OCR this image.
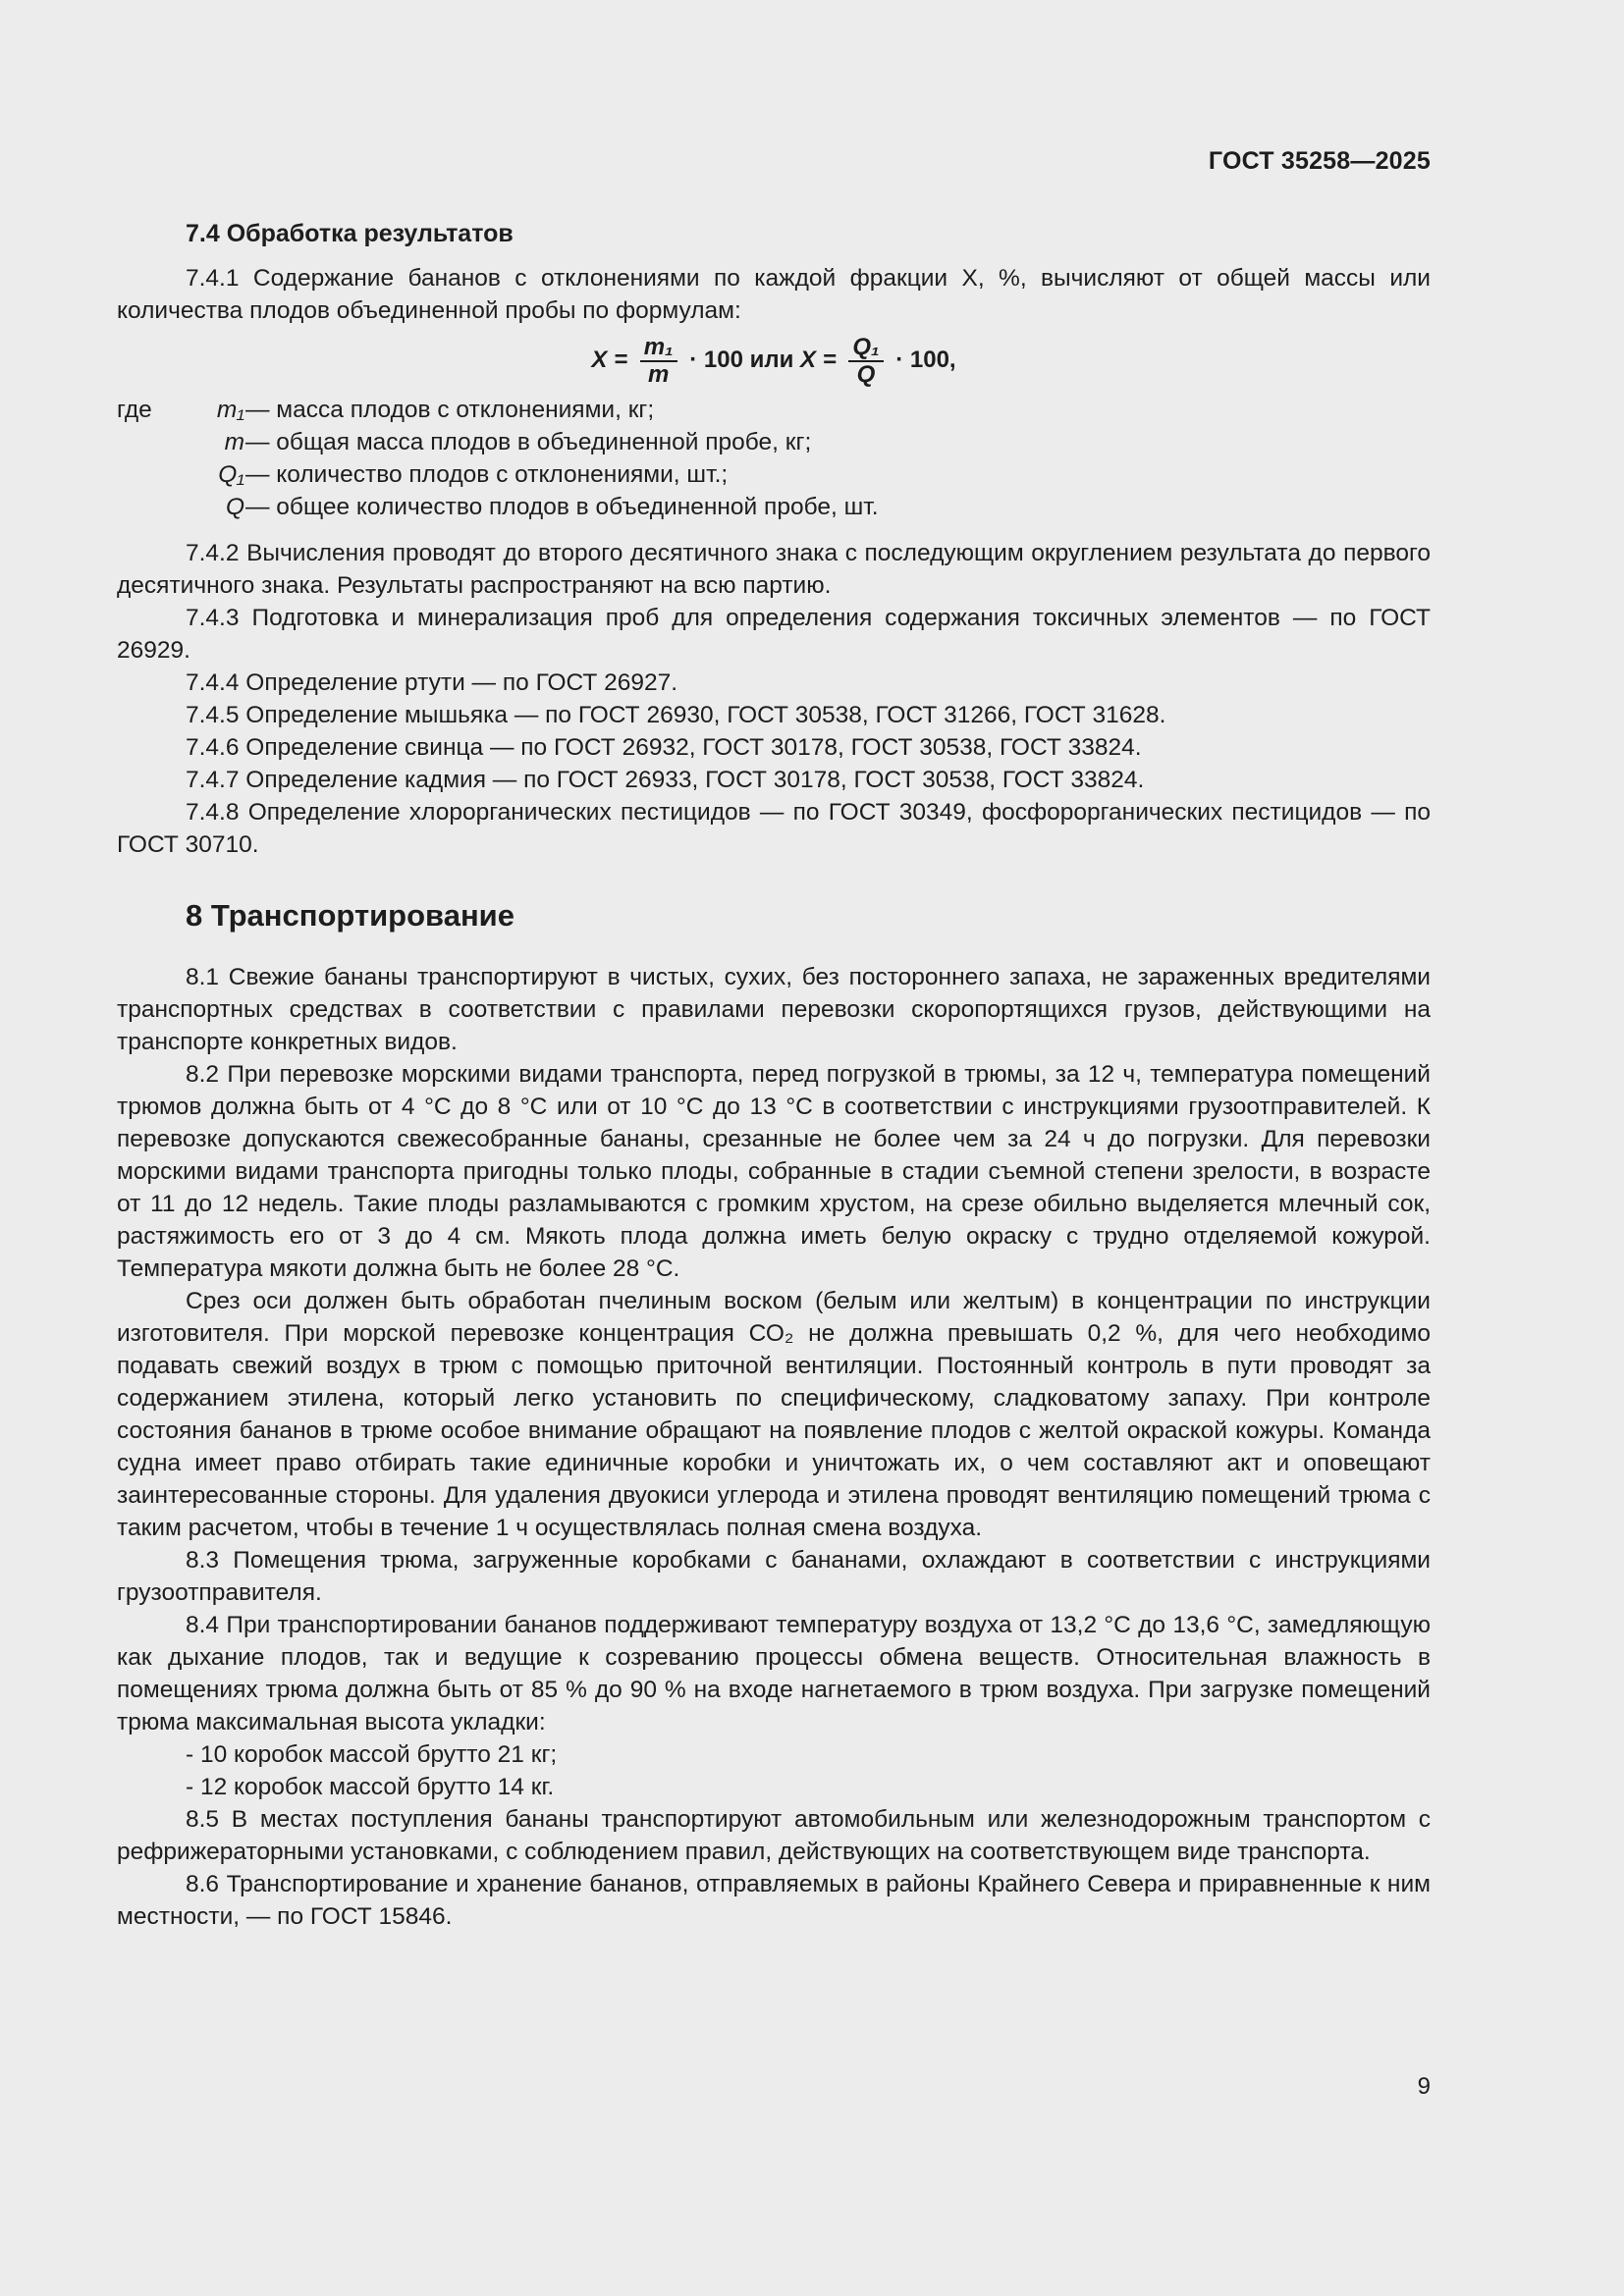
ГОСТ 35258—2025
7.4 Обработка результатов

7.4.1 Содержание бананов с отклонениями по каждой фракции X, %, вычисляют от общей массы или количества плодов объединенной пробы по формулам:

$X = \frac{\text{m₁}}{m} \cdot 100$ или $X = \frac{\text{Q₁}}{Q} \cdot 100$,
где	m₁ — масса плодов с отклонениями, кг;
m — общая масса плодов в объединенной пробе, кг;
Q₁ — количество плодов с отклонениями, шт.;
Q — общее количество плодов в объединенной пробе, шт.

7.4.2 Вычисления проводят до второго десятичного знака с последующим округлением результата до первого десятичного знака. Результаты распространяют на всю партию.

7.4.3 Подготовка и минерализация проб для определения содержания токсичных элементов — по ГОСТ 26929.

7.4.4 Определение ртути — по ГОСТ 26927.

7.4.5 Определение мышьяка — по ГОСТ 26930, ГОСТ 30538, ГОСТ 31266, ГОСТ 31628.

7.4.6 Определение свинца — по ГОСТ 26932, ГОСТ 30178, ГОСТ 30538, ГОСТ 33824.

7.4.7 Определение кадмия — по ГОСТ 26933, ГОСТ 30178, ГОСТ 30538, ГОСТ 33824.

7.4.8 Определение хлорорганических пестицидов — по ГОСТ 30349, фосфорорганических пестицидов — по ГОСТ 30710.

8 Транспортирование

8.1 Свежие бананы транспортируют в чистых, сухих, без постороннего запаха, не зараженных вредителями транспортных средствах в соответствии с правилами перевозки скоропортящихся грузов, действующими на транспорте конкретных видов.

8.2 При перевозке морскими видами транспорта, перед погрузкой в трюмы, за 12 ч, температура помещений трюмов должна быть от 4 °С до 8 °С или от 10 °С до 13 °С в соответствии с инструкциями грузоотправителей. К перевозке допускаются свежесобранные бананы, срезанные не более чем за 24 ч до погрузки. Для перевозки морскими видами транспорта пригодны только плоды, собранные в стадии съемной степени зрелости, в возрасте от 11 до 12 недель. Такие плоды разламываются с громким хрустом, на срезе обильно выделяется млечный сок, растяжимость его от 3 до 4 см. Мякоть плода должна иметь белую окраску с трудно отделяемой кожурой. Температура мякоти должна быть не более 28 °С.

Срез оси должен быть обработан пчелиным воском (белым или желтым) в концентрации по инструкции изготовителя. При морской перевозке концентрация СО₂ не должна превышать 0,2 %, для чего необходимо подавать свежий воздух в трюм с помощью приточной вентиляции. Постоянный контроль в пути проводят за содержанием этилена, который легко установить по специфическому, сладковатому запаху. При контроле состояния бананов в трюме особое внимание обращают на появление плодов с желтой окраской кожуры. Команда судна имеет право отбирать такие единичные коробки и уничтожать их, о чем составляют акт и оповещают заинтересованные стороны. Для удаления двуокиси углерода и этилена проводят вентиляцию помещений трюма с таким расчетом, чтобы в течение 1 ч осуществлялась полная смена воздуха.

8.3 Помещения трюма, загруженные коробками с бананами, охлаждают в соответствии с инструкциями грузоотправителя.

8.4 При транспортировании бананов поддерживают температуру воздуха от 13,2 °С до 13,6 °С, замедляющую как дыхание плодов, так и ведущие к созреванию процессы обмена веществ. Относительная влажность в помещениях трюма должна быть от 85 % до 90 % на входе нагнетаемого в трюм воздуха. При загрузке помещений трюма максимальная высота укладки:

- 10 коробок массой брутто 21 кг;
- 12 коробок массой брутто 14 кг.

8.5 В местах поступления бананы транспортируют автомобильным или железнодорожным транспортом с рефрижераторными установками, с соблюдением правил, действующих на соответствующем виде транспорта.

8.6 Транспортирование и хранение бананов, отправляемых в районы Крайнего Севера и приравненные к ним местности, — по ГОСТ 15846.

9
